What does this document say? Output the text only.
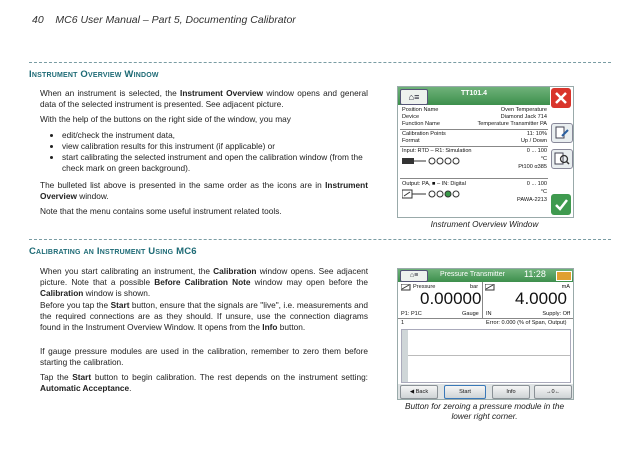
40 MC6 User Manual – Part 5, Documenting Calibrator
Instrument Overview Window
When an instrument is selected, the Instrument Overview window opens and general data of the selected instrument is presented. See adjacent picture.
With the help of the buttons on the right side of the window, you may
• edit/check the instrument data,
• view calibration results for this instrument (if applicable) or
• start calibrating the selected instrument and open the calibration window (from the check mark on green background).
The bulleted list above is presented in the same order as the icons are in Instrument Overview window.
Note that the menu contains some useful instrument related tools.
⌂≡	TT101.4
Position Name	Oven Temperature
Device	Diamond Jack 714
Function Name	Temperature Transmitter PA
Calibration Points	11: 10%
Format	Up / Down
Input: RTD – R1: Simulation	0 ... 100
°C
Pt100 α385
Output: PA, ■ – IN: Digital	0 ... 100
°C
PAWA-2213
Instrument Overview Window
Calibrating an Instrument Using MC6
When you start calibrating an instrument, the Calibration window opens. See adjacent picture. Note that a possible Before Calibration Note window may open before the Calibration window is shown.
Before you tap the Start button, ensure that the signals are "live", i.e. measurements and the required connections are as they should. If unsure, use the connection diagrams found in the Instrument Overview Window. It opens from the Info button.
If gauge pressure modules are used in the calibration, remember to zero them before starting the calibration.
Tap the Start button to begin calibration. The rest depends on the instrument setting: Automatic Acceptance.
⌂≡	Pressure Transmitter 11:28
Pressure	bar
0.00000
P1: P1C	Gauge
mA
4.0000
IN	Supply: Off
1	Error: 0.000 (% of Span, Output)
◀ Back	Start	Info	→0←
Button for zeroing a pressure module in the lower right corner.
